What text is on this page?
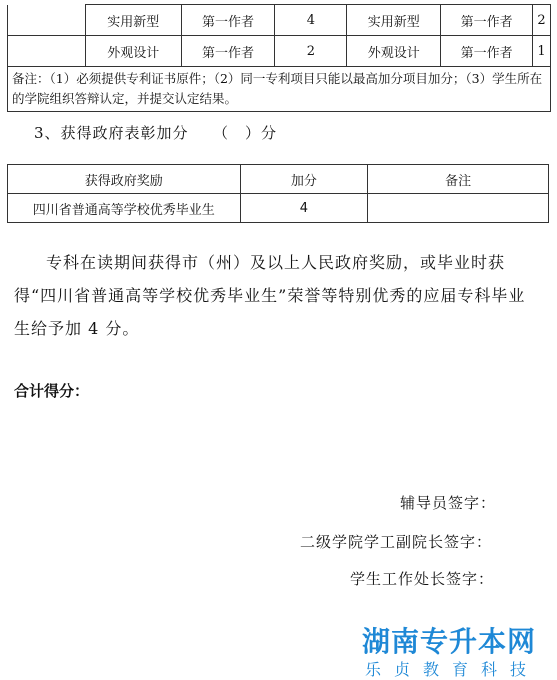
	实用新型	第一作者	4	实用新型	第一作者	2
	外观设计	第一作者	2	外观设计	第一作者	1
备注：（1）必须提供专利证书原件；（2）同一专利项目只能以最高加分项目加分；（3）学生所在的学院组织答辩认定，并提交认定结果。						
3、获得政府表彰加分　　（　）分
获得政府奖励	加分	备注
四川省普通高等学校优秀毕业生	4	
专科在读期间获得市（州）及以上人民政府奖励，或毕业时获得“四川省普通高等学校优秀毕业生”荣誉等特别优秀的应届专科毕业生给予加 4 分。
合计得分：
辅导员签字：
二级学院学工副院长签字：
学生工作处长签字：
湖南专升本网
乐贞教育科技
